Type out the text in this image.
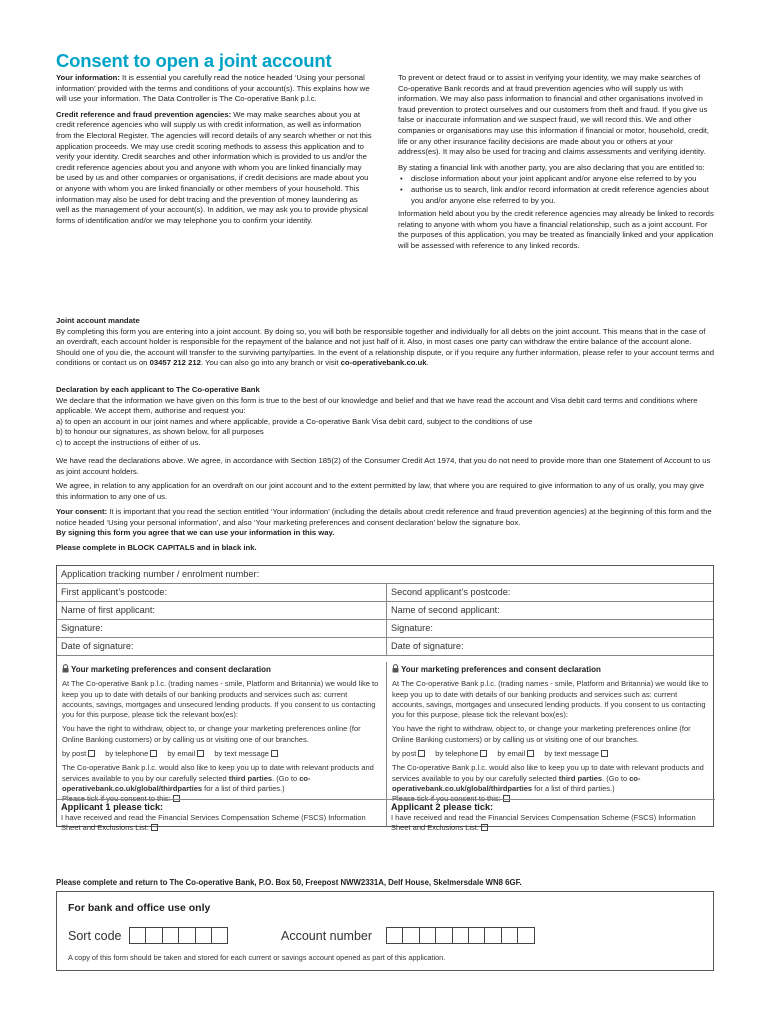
Consent to open a joint account

Your information: It is essential you carefully read the notice headed ‘Using your personal information’ provided with the terms and conditions of your account(s). This explains how we will use your information. The Data Controller is The Co-operative Bank p.l.c.

Credit reference and fraud prevention agencies: We may make searches about you at credit reference agencies who will supply us with credit information, as well as information from the Electoral Register. The agencies will record details of any search whether or not this application proceeds. We may use credit scoring methods to assess this application and to verify your identity. Credit searches and other information which is provided to us and/or the credit reference agencies about you and anyone with whom you are linked financially may be used by us and other companies or organisations, if credit decisions are made about you or anyone with whom you are linked financially or other members of your household. This information may also be used for debt tracing and the prevention of money laundering as well as the management of your account(s). In addition, we may ask you to provide physical forms of identification and/or we may telephone you to confirm your identity.

To prevent or detect fraud or to assist in verifying your identity, we may make searches of Co-operative Bank records and at fraud prevention agencies who will supply us with information. We may also pass information to financial and other organisations involved in fraud prevention to protect ourselves and our customers from theft and fraud. If you give us false or inaccurate information and we suspect fraud, we will record this. We and other companies or organisations may use this information if financial or motor, household, credit, life or any other insurance facility decisions are made about you or others at your address(es). It may also be used for tracing and claims assessments and verifying identity.

By stating a financial link with another party, you are also declaring that you are entitled to:

• disclose information about your joint applicant and/or anyone else referred to by you
• authorise us to search, link and/or record information at credit reference agencies about you and/or anyone else referred to by you.

Information held about you by the credit reference agencies may already be linked to records relating to anyone with whom you have a financial relationship, such as a joint account. For the purposes of this application, you may be treated as financially linked and your application will be assessed with reference to any linked records.

Joint account mandate

By completing this form you are entering into a joint account. By doing so, you will both be responsible together and individually for all debts on the joint account. This means that in the case of an overdraft, each account holder is responsible for the repayment of the balance and not just half of it. Also, in most cases one party can withdraw the entire balance of the account alone. Should one of you die, the account will transfer to the surviving party/parties. In the event of a relationship dispute, or if you require any further information, please refer to your account terms and conditions or contact us on 03457 212 212. You can also go into any branch or visit co-operativebank.co.uk.

Declaration by each applicant to The Co-operative Bank

We declare that the information we have given on this form is true to the best of our knowledge and belief and that we have read the account and Visa debit card terms and conditions where applicable. We accept them, authorise and request you:

a) to open an account in our joint names and where applicable, provide a Co-operative Bank Visa debit card, subject to the conditions of use
b) to honour our signatures, as shown below, for all purposes
c) to accept the instructions of either of us.
We have read the declarations above. We agree, in accordance with Section 185(2) of the Consumer Credit Act 1974, that you do not need to provide more than one Statement of Account to us as joint account holders.
We agree, in relation to any application for an overdraft on our joint account and to the extent permitted by law, that where you are required to give information to any of us orally, you may give this information to any one of us.

Your consent: It is important that you read the section entitled ‘Your information’ (including the details about credit reference and fraud prevention agencies) at the beginning of this form and the notice headed ‘Using your personal information’, and also ‘Your marketing preferences and consent declaration’ below the signature box.

By signing this form you agree that we can use your information in this way.

Please complete in BLOCK CAPITALS and in black ink.

Application tracking number / enrolment number:
First applicant’s postcode:	Second applicant’s postcode:
Name of first applicant:	Name of second applicant:
Signature:	Signature:
Date of signature:	Date of signature:
Your marketing preferences and consent declaration

At The Co-operative Bank p.l.c. (trading names - smile, Platform and Britannia) we would like to keep you up to date with details of our banking products and services such as: current accounts, savings, mortgages and unsecured lending products. If you consent to us contacting you for this purpose, please tick the relevant box(es):

You have the right to withdraw, object to, or change your marketing preferences online (for Online Banking customers) or by calling us or visiting one of our branches.

by post	by telephone	by email	by text message

The Co-operative Bank p.l.c. would also like to keep you up to date with relevant products and services available to you by our carefully selected third parties. (Go to co-operativebank.co.uk/global/thirdparties for a list of third parties.)
Please tick if you consent to this:

Your marketing preferences and consent declaration

At The Co-operative Bank p.l.c. (trading names - smile, Platform and Britannia) we would like to keep you up to date with details of our banking products and services such as: current accounts, savings, mortgages and unsecured lending products. If you consent to us contacting you for this purpose, please tick the relevant box(es):

You have the right to withdraw, object to, or change your marketing preferences online (for Online Banking customers) or by calling us or visiting one of our branches.

by post	by telephone	by email	by text message

The Co-operative Bank p.l.c. would also like to keep you up to date with relevant products and services available to you by our carefully selected third parties. (Go to co-operativebank.co.uk/global/thirdparties for a list of third parties.)
Please tick if you consent to this:

Applicant 1 please tick:
I have received and read the Financial Services Compensation Scheme (FSCS) Information Sheet and Exclusions List:
Applicant 2 please tick:
I have received and read the Financial Services Compensation Scheme (FSCS) Information Sheet and Exclusions List:
Please complete and return to The Co-operative Bank, P.O. Box 50, Freepost NWW2331A, Delf House, Skelmersdale WN8 6GF.
For bank and office use only
Sort code	Account number
A copy of this form should be taken and stored for each current or savings account opened as part of this application.
